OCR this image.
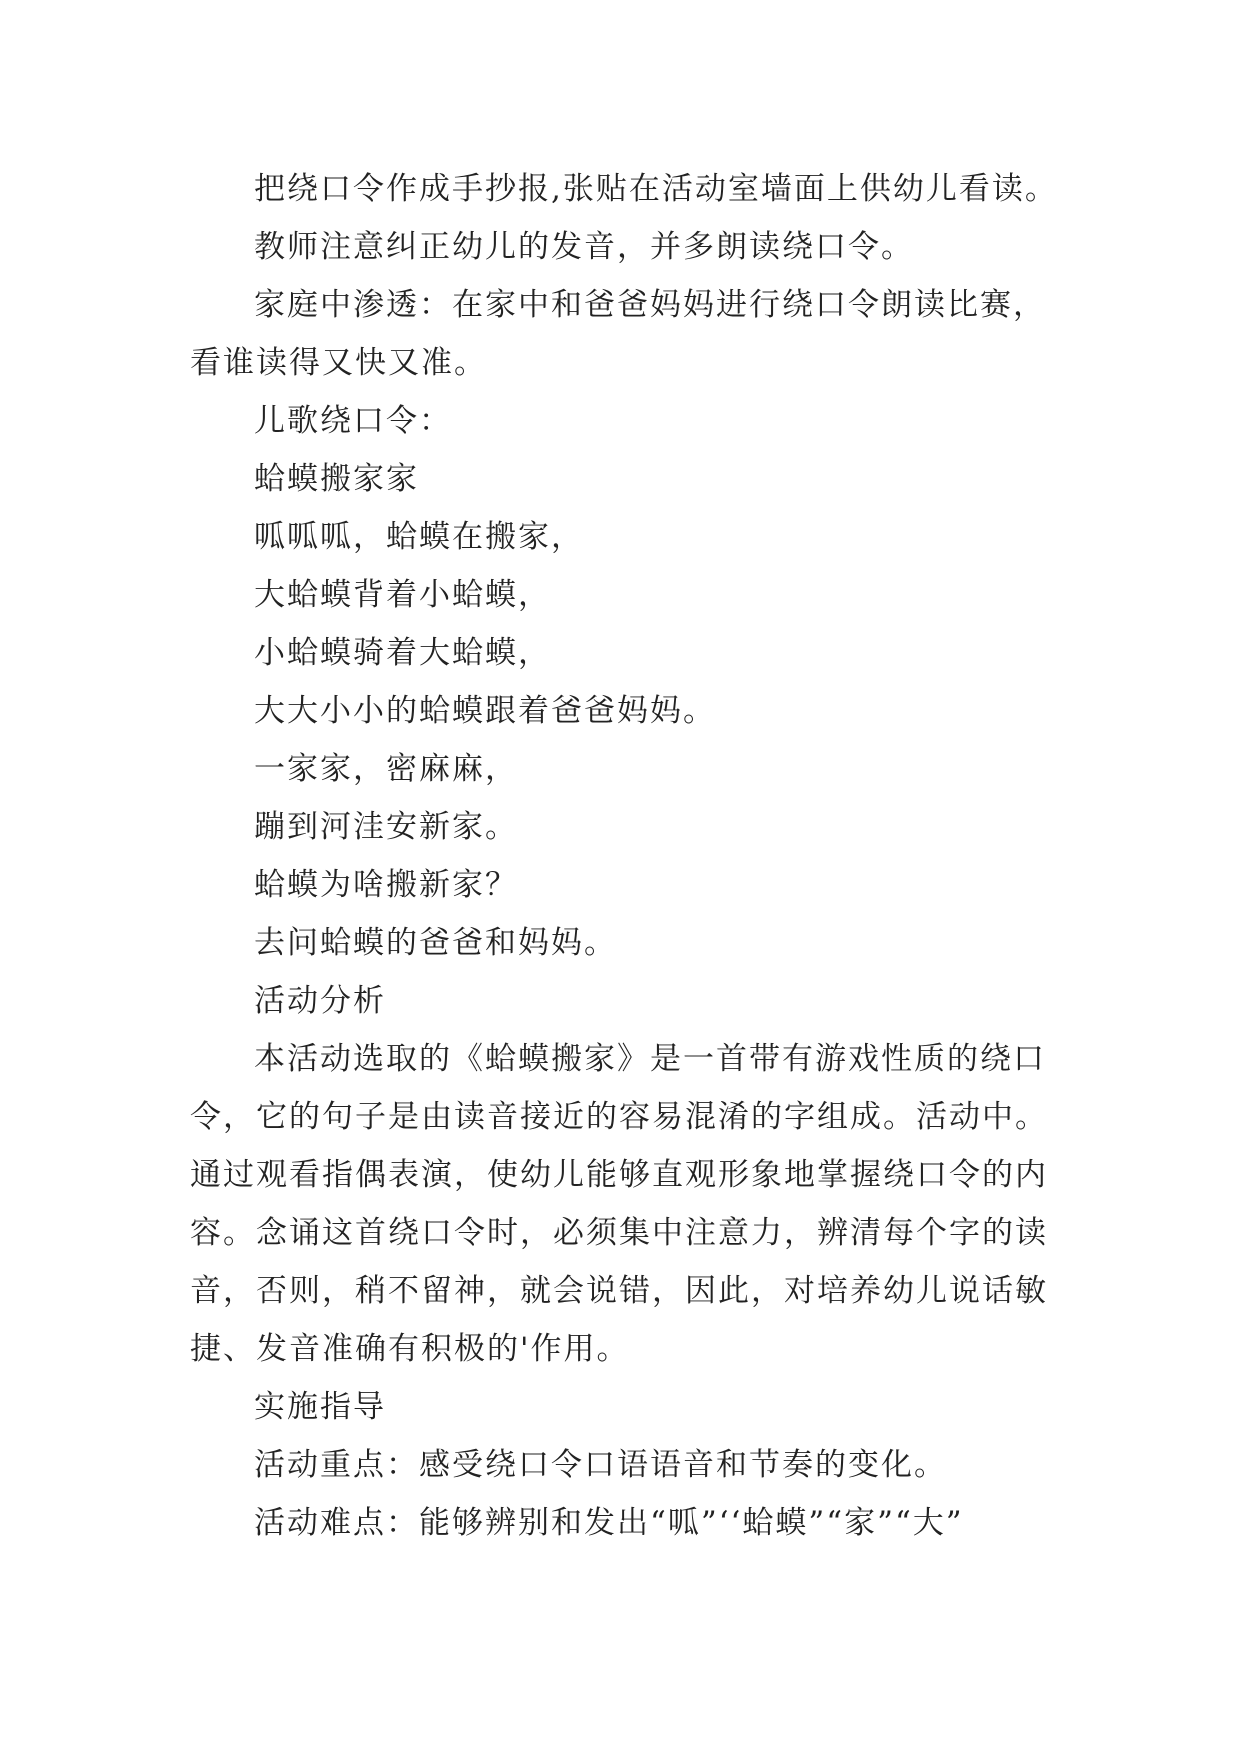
把绕口令作成手抄报,张贴在活动室墙面上供幼儿看读。
教师注意纠正幼儿的发音，并多朗读绕口令。
家庭中渗透：在家中和爸爸妈妈进行绕口令朗读比赛，
看谁读得又快又准。
儿歌绕口令：
蛤蟆搬家家
呱呱呱，蛤蟆在搬家，
大蛤蟆背着小蛤蟆，
小蛤蟆骑着大蛤蟆，
大大小小的蛤蟆跟着爸爸妈妈。
一家家，密麻麻，
蹦到河洼安新家。
蛤蟆为啥搬新家？
去问蛤蟆的爸爸和妈妈。
活动分析
本活动选取的《蛤蟆搬家》是一首带有游戏性质的绕口
令，它的句子是由读音接近的容易混淆的字组成。活动中。
通过观看指偶表演，使幼儿能够直观形象地掌握绕口令的内
容。念诵这首绕口令时，必须集中注意力，辨清每个字的读
音，否则，稍不留神，就会说错，因此，对培养幼儿说话敏
捷、发音准确有积极的'作用。
实施指导
活动重点：感受绕口令口语语音和节奏的变化。
活动难点：能够辨别和发出“呱”‘‘蛤蟆”“家”“大”
